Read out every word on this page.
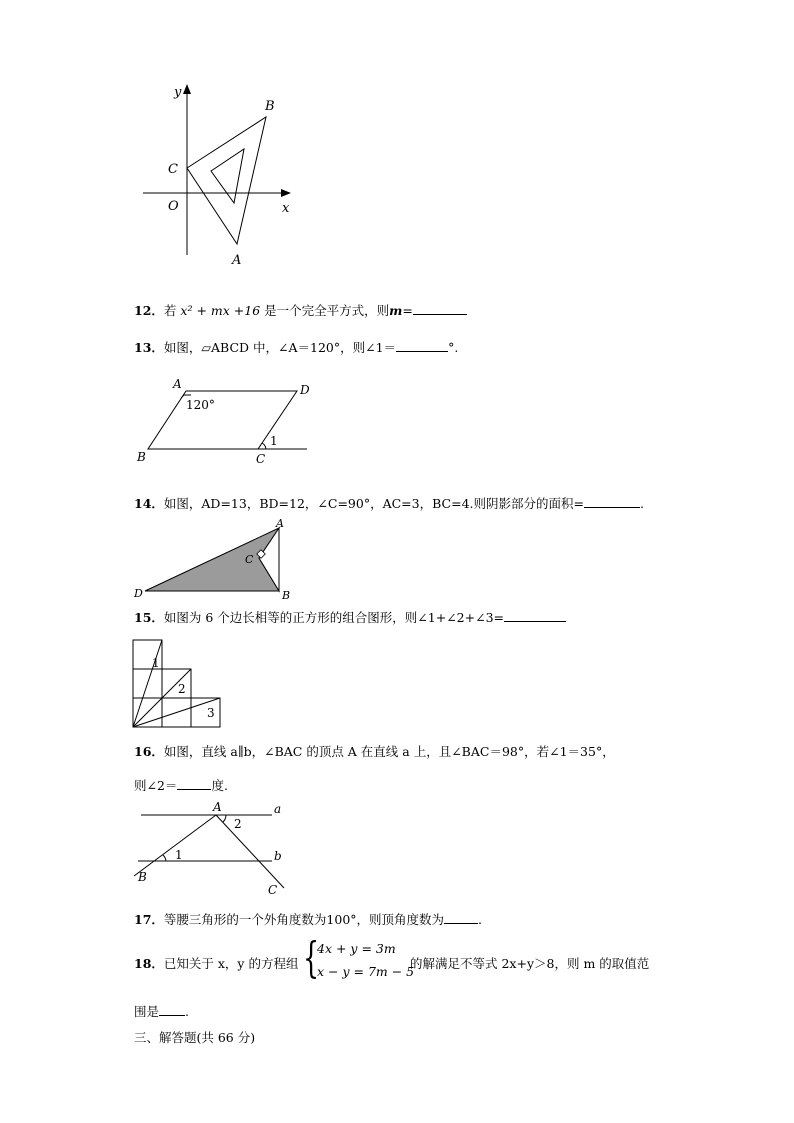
y
x
O
C
B
A
12．若 x² + mx +16 是一个完全平方式，则m=
13．如图，▱ABCD 中，∠A＝120°，则∠1＝	°.
A	D
B	C
120°
1
14．如图，AD=13，BD=12，∠C=90°，AC=3，BC=4.则阴影部分的面积=	.
A
C
D	B
15．如图为 6 个边长相等的正方形的组合图形，则∠1+∠2+∠3=
1
2
3
16．如图，直线 a∥b，∠BAC 的顶点 A 在直线 a 上，且∠BAC＝98°，若∠1＝35°，
则∠2＝	度.
A	a
2
1	b
B
C
17．等腰三角形的一个外角度数为100°，则顶角度数为	.
18．已知关于 x，y 的方程组 {
4x + y = 3m
x − y = 7m − 5
的解满足不等式 2x+y＞8，则 m 的取值范
围是 .
三、解答题(共 66 分)
